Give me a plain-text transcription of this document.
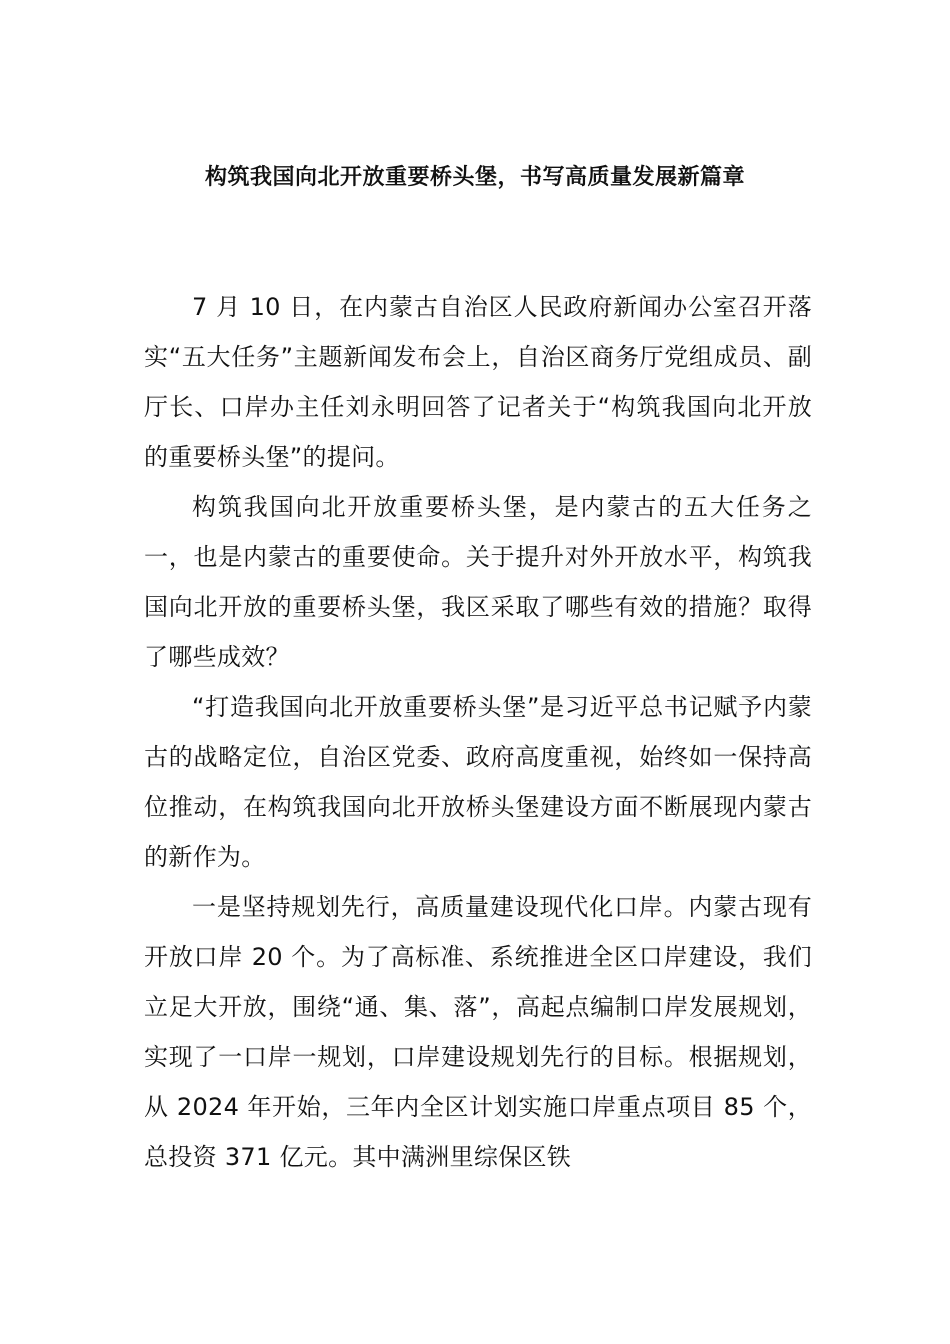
构筑我国向北开放重要桥头堡，书写高质量发展新篇章

7 月 10 日，在内蒙古自治区人民政府新闻办公室召开落实“五大任务”主题新闻发布会上，自治区商务厅党组成员、副厅长、口岸办主任刘永明回答了记者关于“构筑我国向北开放的重要桥头堡”的提问。

构筑我国向北开放重要桥头堡，是内蒙古的五大任务之一，也是内蒙古的重要使命。关于提升对外开放水平，构筑我国向北开放的重要桥头堡，我区采取了哪些有效的措施？取得了哪些成效？

“打造我国向北开放重要桥头堡”是习近平总书记赋予内蒙古的战略定位，自治区党委、政府高度重视，始终如一保持高位推动，在构筑我国向北开放桥头堡建设方面不断展现内蒙古的新作为。

一是坚持规划先行，高质量建设现代化口岸。内蒙古现有开放口岸 20 个。为了高标准、系统推进全区口岸建设，我们立足大开放，围绕“通、集、落”，高起点编制口岸发展规划，实现了一口岸一规划，口岸建设规划先行的目标。根据规划，从 2024 年开始，三年内全区计划实施口岸重点项目 85 个，总投资 371 亿元。其中满洲里综保区铁
